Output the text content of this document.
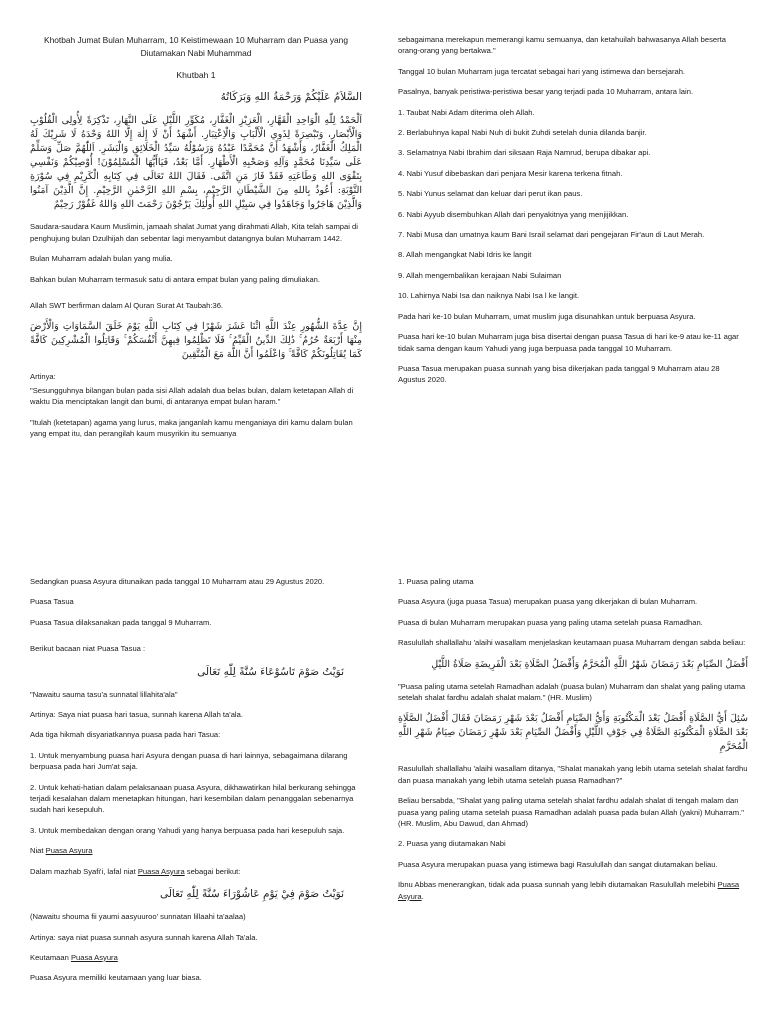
Khotbah Jumat Bulan Muharram, 10 Keistimewaan 10 Muharram dan Puasa yang Diutamakan Nabi Muhammad

Khutbah 1

السَّلاَمُ عَلَيْكُمْ وَرَحْمَةُ اللهِ وَبَرَكَاتُهُ

اَلْحَمْدُ لِلّٰهِ الْوَاحِدِ الْقَهَّارِ، الْعَزِيْزِ الْغَفَّارِ، مُكَوِّرِ اللَّيْلِ عَلَى النَّهَارِ، تَذْكِرَةً لِأُولِى الْقُلُوْبِ وَالْأَبْصَارِ، وَتَبْصِرَةً لِذَوِي الْأَلْبَابِ وَالْاِعْتِبَارِ. أَشْهَدُ أَنْ لَا إِلٰهَ إِلَّا اللهُ وَحْدَهُ لَا شَرِيْكَ لَهُ الْمَلِكُ الْغَفَّارُ، وَأَشْهَدُ أَنَّ مُحَمَّدًا عَبْدُهُ وَرَسُوْلُهُ سَيِّدُ الْخَلَائِقِ وَالْبَشَرِ. اَللّٰهُمَّ صَلِّ وَسَلِّمْ عَلَى سَيِّدِنَا مُحَمَّدٍ وَآلِهِ وَصَحْبِهِ الْأَطْهَارِ. أَمَّا بَعْدُ، فَيَاأَيُّهَا الْمُسْلِمُوْنَ! أُوْصِيْكُمْ وَنَفْسِي بِتَقْوَى اللهِ وَطَاعَتِهِ فَقَدْ فَازَ مَنِ اتَّقَى. فَقَالَ اللهُ تَعَالَى فِي كِتَابِهِ الْكَرِيْمِ فِي سُوْرَةِ التَّوْبَةِ: أَعُوذُ بِاللهِ مِنَ الشَّيْطَانِ الرَّجِيْمِ، بِسْمِ اللهِ الرَّحْمٰنِ الرَّحِيْمِ. إِنَّ الَّذِيْنَ آمَنُوا وَالَّذِيْنَ هَاجَرُوا وَجَاهَدُوا فِي سَبِيْلِ اللهِ أُولٰئِكَ يَرْجُوْنَ رَحْمَتَ اللهِ وَاللهُ غَفُوْرٌ رَحِيْمٌ

Saudara-saudara Kaum Muslimin, jamaah shalat Jumat yang dirahmati Allah, Kita telah sampai di penghujung bulan Dzulhijah dan sebentar lagi menyambut datangnya bulan Muharram 1442.

Bulan Muharram adalah bulan yang mulia.

Bahkan bulan Muharram termasuk satu di antara empat bulan yang paling dimuliakan.

Allah SWT berfirman dalam Al Quran Surat At Taubah:36.

إِنَّ عِدَّةَ الشُّهُورِ عِنْدَ اللَّهِ اثْنَا عَشَرَ شَهْرًا فِي كِتَابِ اللَّهِ يَوْمَ خَلَقَ السَّمَاوَاتِ وَالْأَرْضَ مِنْهَا أَرْبَعَةٌ حُرُمٌ ۚ ذَٰلِكَ الدِّينُ الْقَيِّمُ ۚ فَلَا تَظْلِمُوا فِيهِنَّ أَنْفُسَكُمْ ۚ وَقَاتِلُوا الْمُشْرِكِينَ كَافَّةً كَمَا يُقَاتِلُونَكُمْ كَافَّةً ۚ وَاعْلَمُوا أَنَّ اللَّهَ مَعَ الْمُتَّقِينَ

Artinya:

"Sesungguhnya bilangan bulan pada sisi Allah adalah dua belas bulan, dalam ketetapan Allah di waktu Dia menciptakan langit dan bumi, di antaranya empat bulan haram."

"Itulah (ketetapan) agama yang lurus, maka janganlah kamu menganiaya diri kamu dalam bulan yang empat itu, dan perangilah kaum musyrikin itu semuanya

sebagaimana merekapun memerangi kamu semuanya, dan ketahuilah bahwasanya Allah beserta orang-orang yang bertakwa."

Tanggal 10 bulan Muharram juga tercatat sebagai hari yang istimewa dan bersejarah.

Pasalnya, banyak peristiwa-peristiwa besar yang terjadi pada 10 Muharram, antara lain.

1. Taubat Nabi Adam diterima oleh Allah.

2. Berlabuhnya kapal Nabi Nuh di bukit Zuhdi setelah dunia dilanda banjir.

3. Selamatnya Nabi Ibrahim dari siksaan Raja Namrud, berupa dibakar api.

4. Nabi Yusuf dibebaskan dari penjara Mesir karena terkena fitnah.

5. Nabi Yunus selamat dan keluar dari perut ikan paus.

6. Nabi Ayyub disembuhkan Allah dari penyakitnya yang menjijikkan.

7. Nabi Musa dan umatnya kaum Bani Israil selamat dari pengejaran Fir'aun di Laut Merah.

8. Allah mengangkat Nabi Idris ke langit

9. Allah mengembalikan kerajaan Nabi Sulaiman

10. Lahirnya Nabi Isa dan naiknya Nabi Isa l ke langit.

Pada hari ke-10 bulan Muharram, umat muslim juga disunahkan untuk berpuasa Asyura.

Puasa hari ke-10 bulan Muharram juga bisa disertai dengan puasa Tasua di hari ke-9 atau ke-11 agar tidak sama dengan kaum Yahudi yang juga berpuasa pada tanggal 10 Muharram.

Puasa Tasua merupakan puasa sunnah yang bisa dikerjakan pada tanggal 9 Muharram atau 28 Agustus 2020.

Sedangkan puasa Asyura ditunaikan pada tanggal 10 Muharram atau 29 Agustus 2020.

Puasa Tasua

Puasa Tasua dilaksanakan pada tanggal 9 Muharram.

Berikut bacaan niat Puasa Tasua :

نَوَيْتُ صَوْمَ تَاسُوْعَاءَ سُنَّةً لِلّٰهِ تَعَالَى

"Nawaitu sauma tasu'a sunnatal lillahita'ala"

Artinya: Saya niat puasa hari tasua, sunnah karena Allah ta'ala.

Ada tiga hikmah disyariatkannya puasa pada hari Tasua:

1. Untuk menyambung puasa hari Asyura dengan puasa di hari lainnya, sebagaimana dilarang berpuasa pada hari Jum'at saja.

2. Untuk kehati-hatian dalam pelaksanaan puasa Asyura, dikhawatirkan hilal berkurang sehingga terjadi kesalahan dalam menetapkan hitungan, hari kesembilan dalam penanggalan sebenarnya sudah hari kesepuluh.

3. Untuk membedakan dengan orang Yahudi yang hanya berpuasa pada hari kesepuluh saja.

Niat Puasa Asyura

Dalam mazhab Syafi'i, lafal niat Puasa Asyura sebagai berikut:

نَوَيْتُ صَوْمَ فِيْ يَوْمِ عَاشُوْرَاءَ سُنَّةً لِلّٰهِ تَعَالَى

(Nawaitu shouma fii yaumi aasyuuroo' sunnatan lillaahi ta'aalaa)

Artinya: saya niat puasa sunnah asyura sunnah karena Allah Ta'ala.

Keutamaan Puasa Asyura

Puasa Asyura memiliki keutamaan yang luar biasa.

1. Puasa paling utama

Puasa Asyura (juga puasa Tasua) merupakan puasa yang dikerjakan di bulan Muharram.

Puasa di bulan Muharram merupakan puasa yang paling utama setelah puasa Ramadhan.

Rasulullah shallallahu 'alaihi wasallam menjelaskan keutamaan puasa Muharram dengan sabda beliau:

أَفْضَلُ الصِّيَامِ بَعْدَ رَمَضَانَ شَهْرُ اللَّهِ الْمُحَرَّمُ وَأَفْضَلُ الصَّلَاةِ بَعْدَ الْفَرِيضَةِ صَلَاةُ اللَّيْلِ

"Puasa paling utama setelah Ramadhan adalah (puasa bulan) Muharram dan shalat yang paling utama setelah shalat fardhu adalah shalat malam." (HR. Muslim)

سُئِلَ أَيُّ الصَّلَاةِ أَفْضَلُ بَعْدَ الْمَكْتُوبَةِ وَأَيُّ الصِّيَامِ أَفْضَلُ بَعْدَ شَهْرِ رَمَضَانَ فَقَالَ أَفْضَلُ الصَّلَاةِ بَعْدَ الصَّلَاةِ الْمَكْتُوبَةِ الصَّلَاةُ فِي جَوْفِ اللَّيْلِ وَأَفْضَلُ الصِّيَامِ بَعْدَ شَهْرِ رَمَضَانَ صِيَامُ شَهْرِ اللَّهِ الْمُحَرَّمِ

Rasulullah shallallahu 'alaihi wasallam ditanya, "Shalat manakah yang lebih utama setelah shalat fardhu dan puasa manakah yang lebih utama setelah puasa Ramadhan?"

Beliau bersabda, "Shalat yang paling utama setelah shalat fardhu adalah shalat di tengah malam dan puasa yang paling utama setelah puasa Ramadhan adalah puasa pada bulan Allah (yakni) Muharram." (HR. Muslim, Abu Dawud, dan Ahmad)

2. Puasa yang diutamakan Nabi

Puasa Asyura merupakan puasa yang istimewa bagi Rasulullah dan sangat diutamakan beliau.

Ibnu Abbas menerangkan, tidak ada puasa sunnah yang lebih diutamakan Rasulullah melebihi Puasa Asyura.
